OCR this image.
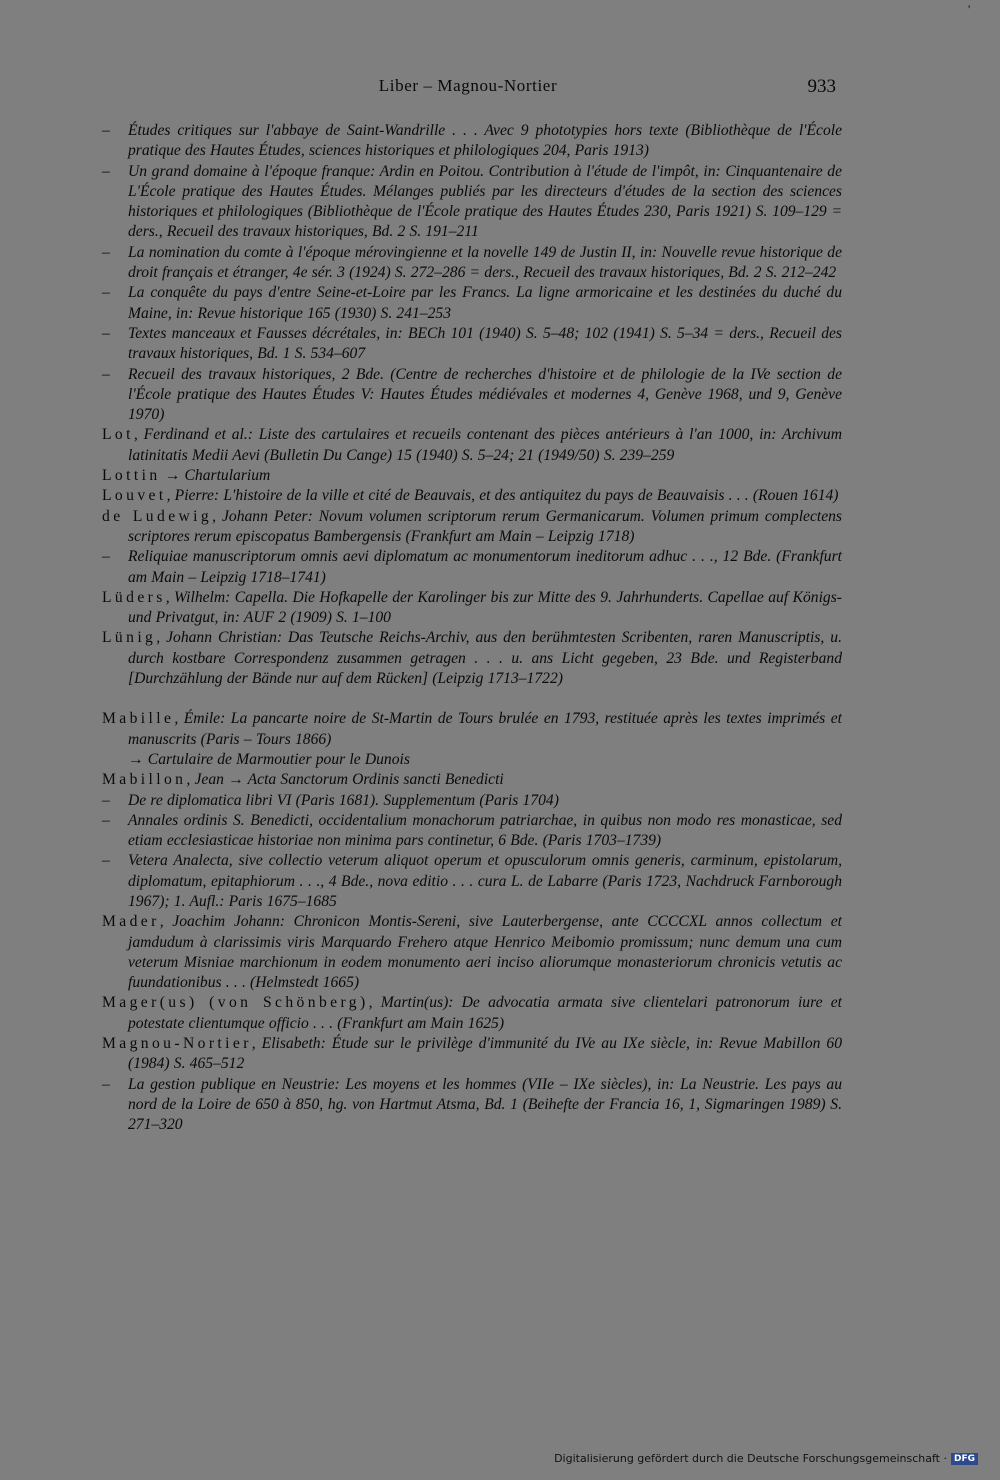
'
Liber – Magnou-Nortier	933
– Études critiques sur l'abbaye de Saint-Wandrille . . . Avec 9 phototypies hors texte (Bibliothèque de l'École pratique des Hautes Études, sciences historiques et philologiques 204, Paris 1913)
– Un grand domaine à l'époque franque: Ardin en Poitou. Contribution à l'étude de l'impôt, in: Cinquantenaire de L'École pratique des Hautes Études. Mélanges publiés par les directeurs d'études de la section des sciences historiques et philologiques (Bibliothèque de l'École pratique des Hautes Études 230, Paris 1921) S. 109–129 = ders., Recueil des travaux historiques, Bd. 2 S. 191–211
– La nomination du comte à l'époque mérovingienne et la novelle 149 de Justin II, in: Nouvelle revue historique de droit français et étranger, 4e sér. 3 (1924) S. 272–286 = ders., Recueil des travaux historiques, Bd. 2 S. 212–242
– La conquête du pays d'entre Seine-et-Loire par les Francs. La ligne armoricaine et les destinées du duché du Maine, in: Revue historique 165 (1930) S. 241–253
– Textes manceaux et Fausses décrétales, in: BECh 101 (1940) S. 5–48; 102 (1941) S. 5–34 = ders., Recueil des travaux historiques, Bd. 1 S. 534–607
– Recueil des travaux historiques, 2 Bde. (Centre de recherches d'histoire et de philologie de la IVe section de l'École pratique des Hautes Études V: Hautes Études médiévales et modernes 4, Genève 1968, und 9, Genève 1970)
Lot, Ferdinand et al.: Liste des cartulaires et recueils contenant des pièces antérieurs à l'an 1000, in: Archivum latinitatis Medii Aevi (Bulletin Du Cange) 15 (1940) S. 5–24; 21 (1949/50) S. 239–259
Lottin → Chartularium
Louvet, Pierre: L'histoire de la ville et cité de Beauvais, et des antiquitez du pays de Beauvaisis . . . (Rouen 1614)
de Ludewig, Johann Peter: Novum volumen scriptorum rerum Germanicarum. Volumen primum complectens scriptores rerum episcopatus Bambergensis (Frankfurt am Main – Leipzig 1718)
– Reliquiae manuscriptorum omnis aevi diplomatum ac monumentorum ineditorum adhuc . . ., 12 Bde. (Frankfurt am Main – Leipzig 1718–1741)
Lüders, Wilhelm: Capella. Die Hofkapelle der Karolinger bis zur Mitte des 9. Jahrhunderts. Capellae auf Königs- und Privatgut, in: AUF 2 (1909) S. 1–100
Lünig, Johann Christian: Das Teutsche Reichs-Archiv, aus den berühmtesten Scribenten, raren Manuscriptis, u. durch kostbare Correspondenz zusammen getragen . . . u. ans Licht gegeben, 23 Bde. und Registerband [Durchzählung der Bände nur auf dem Rücken] (Leipzig 1713–1722)
Mabille, Émile: La pancarte noire de St-Martin de Tours brulée en 1793, restituée après les textes imprimés et manuscrits (Paris – Tours 1866)
→ Cartulaire de Marmoutier pour le Dunois
Mabillon, Jean → Acta Sanctorum Ordinis sancti Benedicti
– De re diplomatica libri VI (Paris 1681). Supplementum (Paris 1704)
– Annales ordinis S. Benedicti, occidentalium monachorum patriarchae, in quibus non modo res monasticae, sed etiam ecclesiasticae historiae non minima pars continetur, 6 Bde. (Paris 1703–1739)
– Vetera Analecta, sive collectio veterum aliquot operum et opusculorum omnis generis, carminum, epistolarum, diplomatum, epitaphiorum . . ., 4 Bde., nova editio . . . cura L. de Labarre (Paris 1723, Nachdruck Farnborough 1967); 1. Aufl.: Paris 1675–1685
Mader, Joachim Johann: Chronicon Montis-Sereni, sive Lauterbergense, ante CCCCXL annos collectum et jamdudum à clarissimis viris Marquardo Frehero atque Henrico Meibomio promissum; nunc demum una cum veterum Misniae marchionum in eodem monumento aeri inciso aliorumque monasteriorum chronicis vetutis ac fuundationibus . . . (Helmstedt 1665)
Mager(us) (von Schönberg), Martin(us): De advocatia armata sive clientelari patronorum iure et potestate clientumque officio . . . (Frankfurt am Main 1625)
Magnou-Nortier, Elisabeth: Étude sur le privilège d'immunité du IVe au IXe siècle, in: Revue Mabillon 60 (1984) S. 465–512
– La gestion publique en Neustrie: Les moyens et les hommes (VIIe – IXe siècles), in: La Neustrie. Les pays au nord de la Loire de 650 à 850, hg. von Hartmut Atsma, Bd. 1 (Beihefte der Francia 16, 1, Sigmaringen 1989) S. 271–320
Digitalisierung gefördert durch die Deutsche Forschungsgemeinschaft · DFG
